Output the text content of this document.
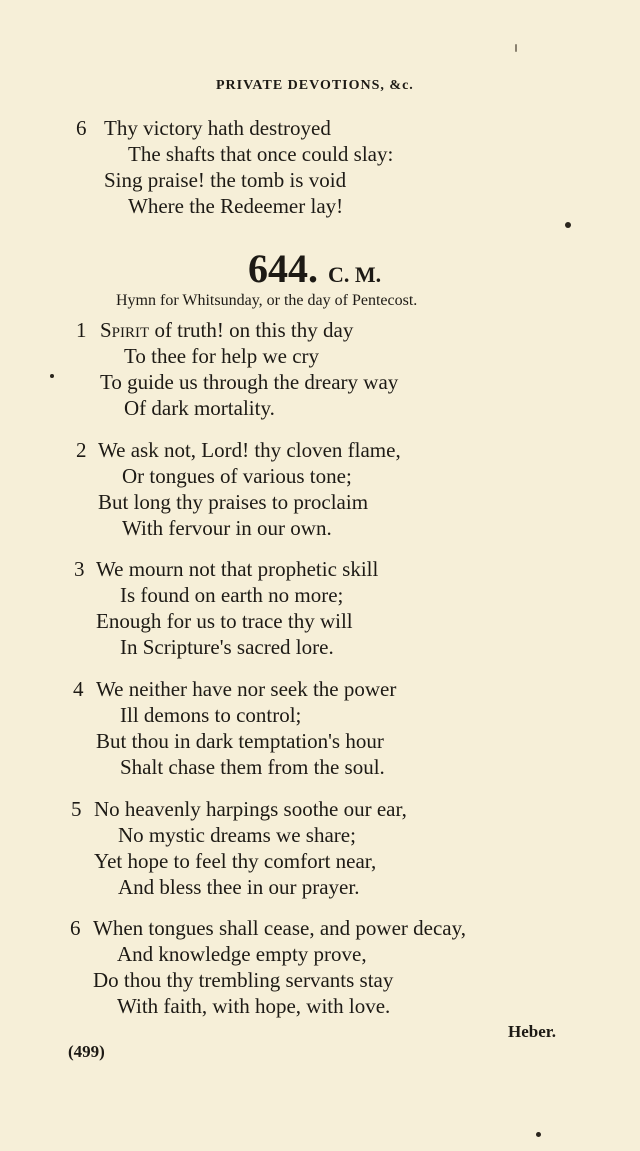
PRIVATE DEVOTIONS, &c.
6 Thy victory hath destroyed
The shafts that once could slay:
Sing praise! the tomb is void
Where the Redeemer lay!
644. C. M.
Hymn for Whitsunday, or the day of Pentecost.
1 Spirit of truth! on this thy day
To thee for help we cry
To guide us through the dreary way
Of dark mortality.
2 We ask not, Lord! thy cloven flame,
Or tongues of various tone;
But long thy praises to proclaim
With fervour in our own.
3 We mourn not that prophetic skill
Is found on earth no more;
Enough for us to trace thy will
In Scripture's sacred lore.
4 We neither have nor seek the power
Ill demons to control;
But thou in dark temptation's hour
Shalt chase them from the soul.
5 No heavenly harpings soothe our ear,
No mystic dreams we share;
Yet hope to feel thy comfort near,
And bless thee in our prayer.
6 When tongues shall cease, and power decay,
And knowledge empty prove,
Do thou thy trembling servants stay
With faith, with hope, with love.
Heber.
(499)
